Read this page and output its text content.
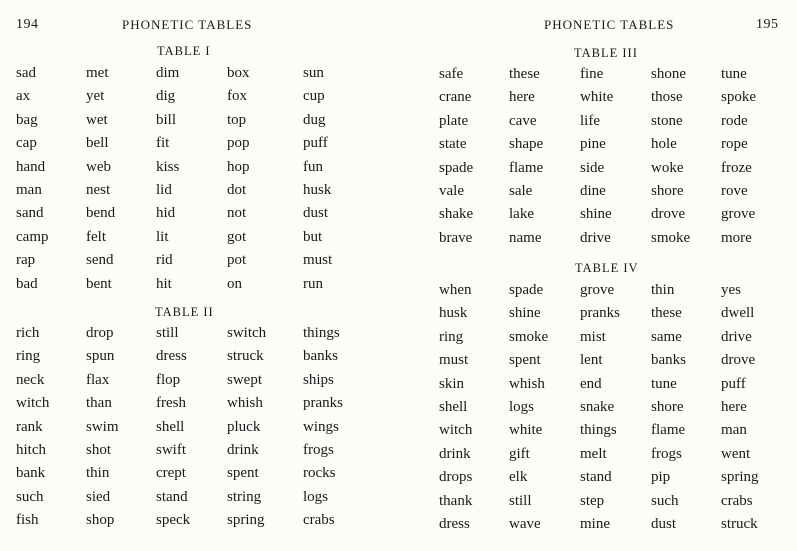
194	PHONETIC TABLES
TABLE I
sad	met	dim	box	sun
ax	yet	dig	fox	cup
bag	wet	bill	top	dug
cap	bell	fit	pop	puff
hand	web	kiss	hop	fun
man	nest	lid	dot	husk
sand	bend	hid	not	dust
camp	felt	lit	got	but
rap	send	rid	pot	must
bad	bent	hit	on	run
TABLE II
rich	drop	still	switch	things
ring	spun	dress	struck	banks
neck	flax	flop	swept	ships
witch	than	fresh	whish	pranks
rank	swim	shell	pluck	wings
hitch	shot	swift	drink	frogs
bank	thin	crept	spent	rocks
such	sied	stand	string	logs
fish	shop	speck	spring	crabs
PHONETIC TABLES	195
TABLE III
safe	these	fine	shone	tune
crane	here	white	those	spoke
plate	cave	life	stone	rode
state	shape	pine	hole	rope
spade	flame	side	woke	froze
vale	sale	dine	shore	rove
shake	lake	shine	drove	grove
brave	name	drive	smoke	more
TABLE IV
when	spade	grove	thin	yes
husk	shine	pranks	these	dwell
ring	smoke	mist	same	drive
must	spent	lent	banks	drove
skin	whish	end	tune	puff
shell	logs	snake	shore	here
witch	white	things	flame	man
drink	gift	melt	frogs	went
drops	elk	stand	pip	spring
thank	still	step	such	crabs
dress	wave	mine	dust	struck
